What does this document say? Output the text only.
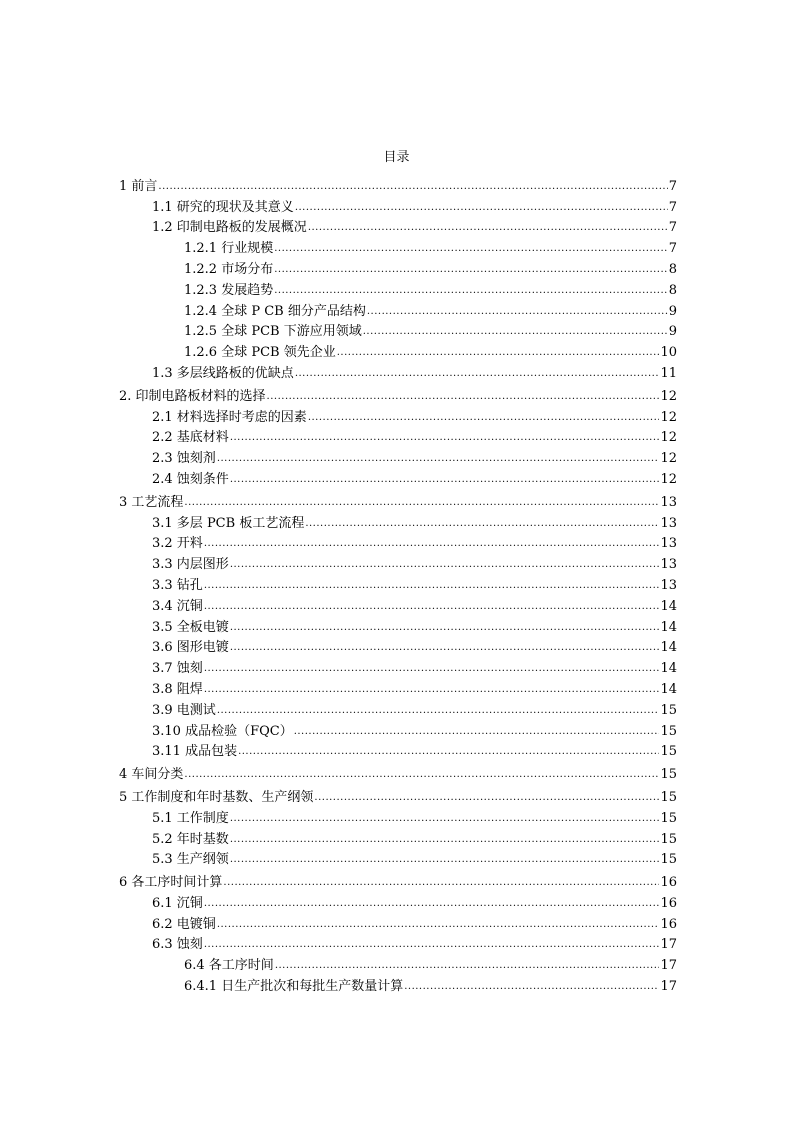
目录
1 前言 .....	7
1.1 研究的现状及其意义 .....	7
1.2 印制电路板的发展概况 .....	7
1.2.1 行业规模 .....	7
1.2.2 市场分布 .....	8
1.2.3 发展趋势 .....	8
1.2.4 全球 P CB 细分产品结构 .....	9
1.2.5 全球 PCB 下游应用领域 .....	9
1.2.6 全球 PCB 领先企业 .....	10
1.3 多层线路板的优缺点 .....	11
2. 印制电路板材料的选择 .....	12
2.1 材料选择时考虑的因素 .....	12
2.2 基底材料 .....	12
2.3 蚀刻剂 .....	12
2.4 蚀刻条件 .....	12
3 工艺流程 .....	13
3.1 多层 PCB 板工艺流程 .....	13
3.2 开料 .....	13
3.3 内层图形 .....	13
3.3 钻孔 .....	13
3.4 沉铜 .....	14
3.5 全板电镀 .....	14
3.6 图形电镀 .....	14
3.7 蚀刻 .....	14
3.8 阻焊 .....	14
3.9 电测试 .....	15
3.10 成品检验（FQC） .....	15
3.11 成品包装 .....	15
4 车间分类 .....	15
5 工作制度和年时基数、生产纲领 .....	15
5.1 工作制度 .....	15
5.2 年时基数 .....	15
5.3 生产纲领 .....	15
6 各工序时间计算 .....	16
6.1 沉铜 .....	16
6.2 电镀铜 .....	16
6.3 蚀刻 .....	17
6.4 各工序时间 .....	17
6.4.1 日生产批次和每批生产数量计算 .....	17
